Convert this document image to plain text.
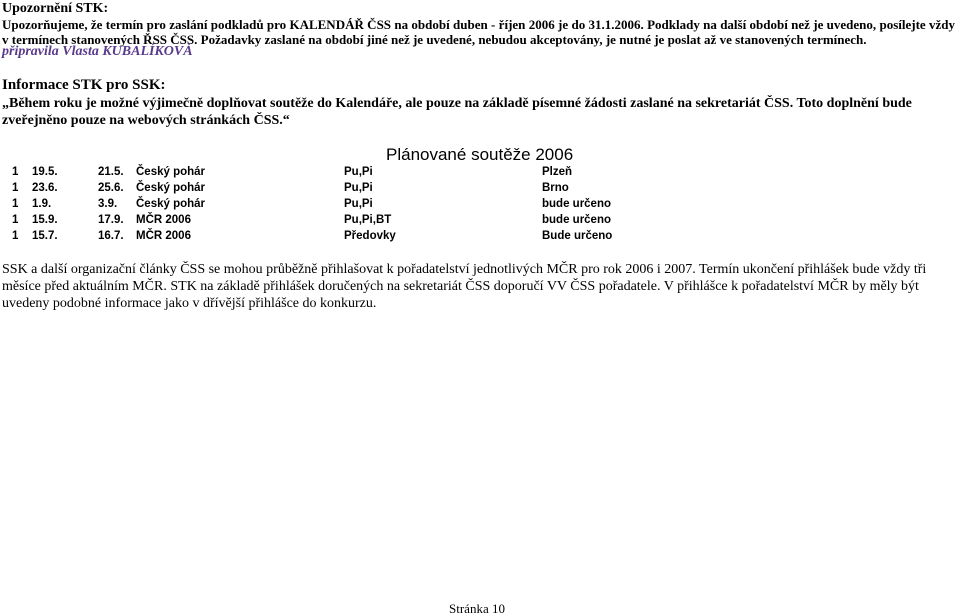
Upozornění STK:
Upozorňujeme, že termín pro zaslání podkladů pro KALENDÁŘ ČSS na období duben - říjen 2006 je do 31.1.2006. Podklady na další období než je uvedeno, posílejte vždy v termínech stanovených ŘSS ČSS. Požadavky zaslané na období jiné než je uvedené, nebudou akceptovány, je nutné je poslat až ve stanovených termínech.
připravila Vlasta KUBALÍKOVÁ
Informace STK pro SSK:
„Během roku je možné výjimečně doplňovat soutěže do Kalendáře, ale pouze na základě písemné žádosti zaslané na sekretariát ČSS. Toto doplnění bude zveřejněno pouze na webových stránkách ČSS.“
Plánované soutěže 2006
1 19.5.	21.5. Český pohár	Pu,Pi	Plzeň
1 23.6.	25.6. Český pohár	Pu,Pi	Brno
1 1.9.	3.9. Český pohár	Pu,Pi	bude určeno
1 15.9.	17.9. MČR 2006	Pu,Pi,BT	bude určeno
1 15.7.	16.7. MČR 2006	Předovky	Bude určeno
SSK a další organizační články ČSS se mohou průběžně přihlašovat k pořadatelství jednotlivých MČR pro rok 2006 i 2007. Termín ukončení přihlášek bude vždy tři měsíce před aktuálním MČR. STK na základě přihlášek doručených na sekretariát ČSS doporučí VV ČSS pořadatele. V přihlášce k pořadatelství MČR by měly být uvedeny podobné informace jako v dřívější přihlášce do konkurzu.
Stránka 10
